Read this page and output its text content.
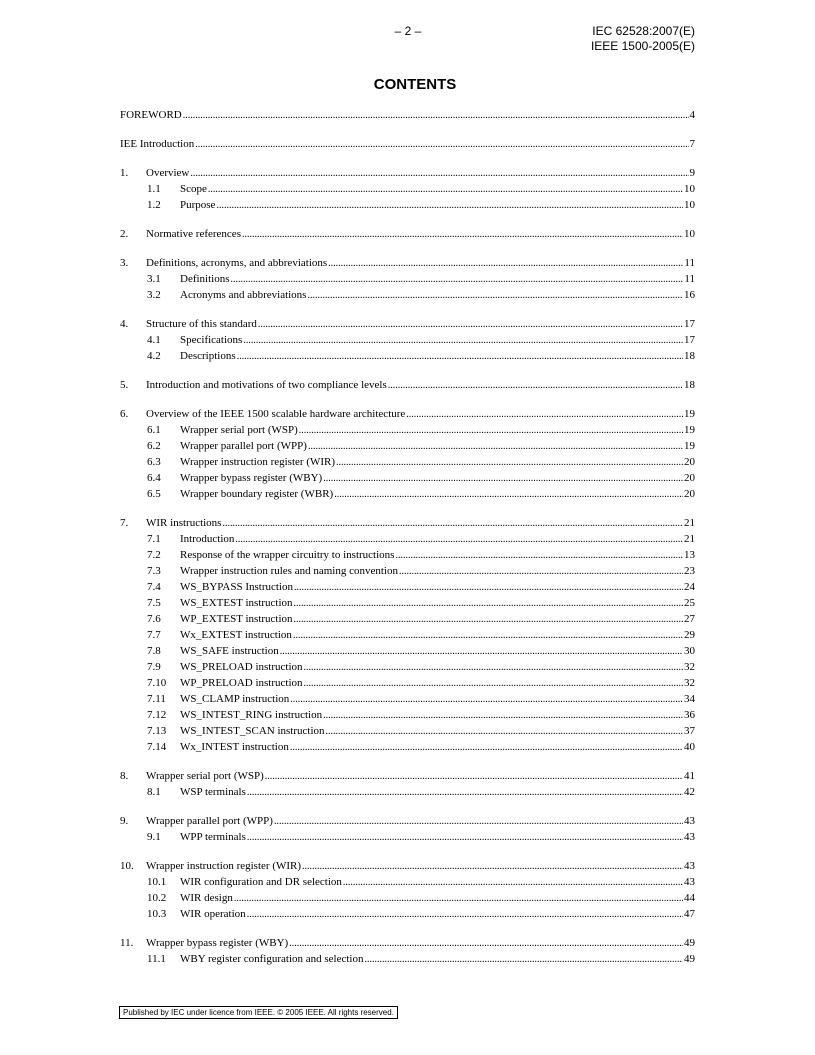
– 2 –	IEC 62528:2007(E)
IEEE 1500-2005(E)
CONTENTS
FOREWORD .....	4
IEE Introduction .....	7
1.	Overview .....	9
1.1	Scope .....	10
1.2	Purpose .....	10
2.	Normative references .....	10
3.	Definitions, acronyms, and abbreviations .....	11
3.1	Definitions .....	11
3.2	Acronyms and abbreviations .....	16
4.	Structure of this standard .....	17
4.1	Specifications .....	17
4.2	Descriptions .....	18
5.	Introduction and motivations of two compliance levels .....	18
6.	Overview of the IEEE 1500 scalable hardware architecture .....	19
6.1	Wrapper serial port (WSP) .....	19
6.2	Wrapper parallel port (WPP) .....	19
6.3	Wrapper instruction register (WIR) .....	20
6.4	Wrapper bypass register (WBY) .....	20
6.5	Wrapper boundary register (WBR) .....	20
7.	WIR instructions .....	21
7.1	Introduction .....	21
7.2	Response of the wrapper circuitry to instructions .....	13
7.3	Wrapper instruction rules and naming convention .....	23
7.4	WS_BYPASS Instruction .....	24
7.5	WS_EXTEST instruction .....	25
7.6	WP_EXTEST instruction .....	27
7.7	Wx_EXTEST instruction .....	29
7.8	WS_SAFE instruction .....	30
7.9	WS_PRELOAD instruction .....	32
7.10	WP_PRELOAD instruction .....	32
7.11	WS_CLAMP instruction .....	34
7.12	WS_INTEST_RING instruction .....	36
7.13	WS_INTEST_SCAN instruction .....	37
7.14	Wx_INTEST instruction .....	40
8.	Wrapper serial port (WSP) .....	41
8.1	WSP terminals .....	42
9.	Wrapper parallel port (WPP) .....	43
9.1	WPP terminals .....	43
10.	Wrapper instruction register (WIR) .....	43
10.1	WIR configuration and DR selection .....	43
10.2	WIR design .....	44
10.3	WIR operation .....	47
11.	Wrapper bypass register (WBY) .....	49
11.1	WBY register configuration and selection .....	49
Published by IEC under licence from IEEE. © 2005 IEEE. All rights reserved.
